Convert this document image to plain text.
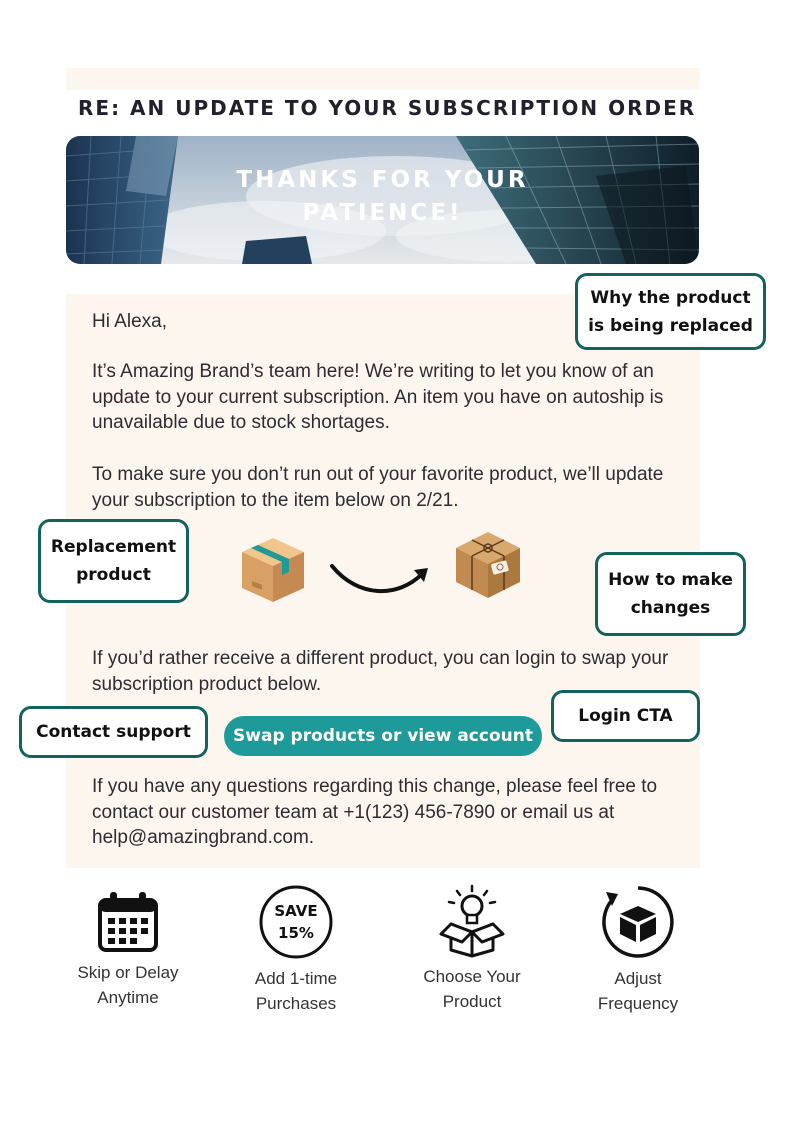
RE: AN UPDATE TO YOUR SUBSCRIPTION ORDER
THANKS FOR YOUR
PATIENCE!

Hi Alexa,

It’s Amazing Brand’s team here! We’re writing to let you know of an update to your current subscription. An item you have on autoship is unavailable due to stock shortages.

To make sure you don’t run out of your favorite product, we’ll update your subscription to the item below on 2/21.

If you’d rather receive a different product, you can login to swap your subscription product below.

Swap products or view account

If you have any questions regarding this change, please feel free to contact our customer team at +1(123) 456-7890 or email us at help@amazingbrand.com.

Why the product
is being replaced
Replacement
product	How to make
changes
Login CTA
Contact support
Skip or Delay
Anytime
SAVE
15%
Add 1-time
Purchases
Choose Your
Product
Adjust
Frequency
